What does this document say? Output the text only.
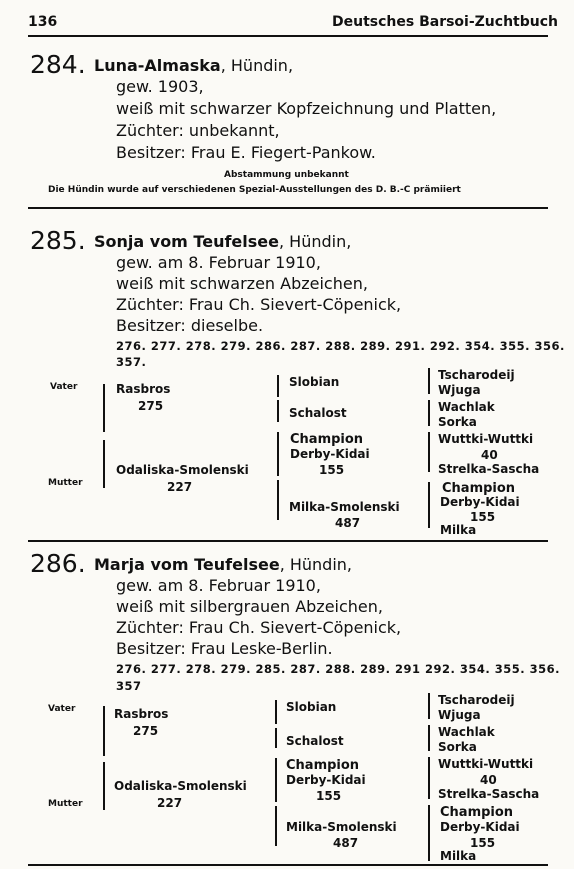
136	Deutsches Barsoi-Zuchtbuch
284. Luna-Almaska, Hündin,
gew. 1903,
weiß mit schwarzer Kopfzeichnung und Platten,
Züchter: unbekannt,
Besitzer: Frau E. Fiegert-Pankow.
Abstammung unbekannt
Die Hündin wurde auf verschiedenen Spezial-Ausstellungen des D. B.-C prämiiert
285. Sonja vom Teufelsee, Hündin,
gew. am 8. Februar 1910,
weiß mit schwarzen Abzeichen,
Züchter: Frau Ch. Sievert-Cöpenick,
Besitzer: dieselbe.
276. 277. 278. 279. 286. 287. 288. 289. 291. 292. 354. 355. 356.
357.
Vater
Mutter
Rasbros
275
Odaliska-Smolenski
227
Slobian
Schalost
Champion
Derby-Kidai
155
Milka-Smolenski
487
Tscharodeij
Wjuga
Wachlak
Sorka
Wuttki-Wuttki
40
Strelka-Sascha
Champion
Derby-Kidai
155
Milka
286. Marja vom Teufelsee, Hündin,
gew. am 8. Februar 1910,
weiß mit silbergrauen Abzeichen,
Züchter: Frau Ch. Sievert-Cöpenick,
Besitzer: Frau Leske-Berlin.
276. 277. 278. 279. 285. 287. 288. 289. 291 292. 354. 355. 356.
357
Vater
Mutter
Rasbros
275
Odaliska-Smolenski
227
Slobian
Schalost
Champion
Derby-Kidai
155
Milka-Smolenski
487
Tscharodeij
Wjuga
Wachlak
Sorka
Wuttki-Wuttki
40
Strelka-Sascha
Champion
Derby-Kidai
155
Milka
